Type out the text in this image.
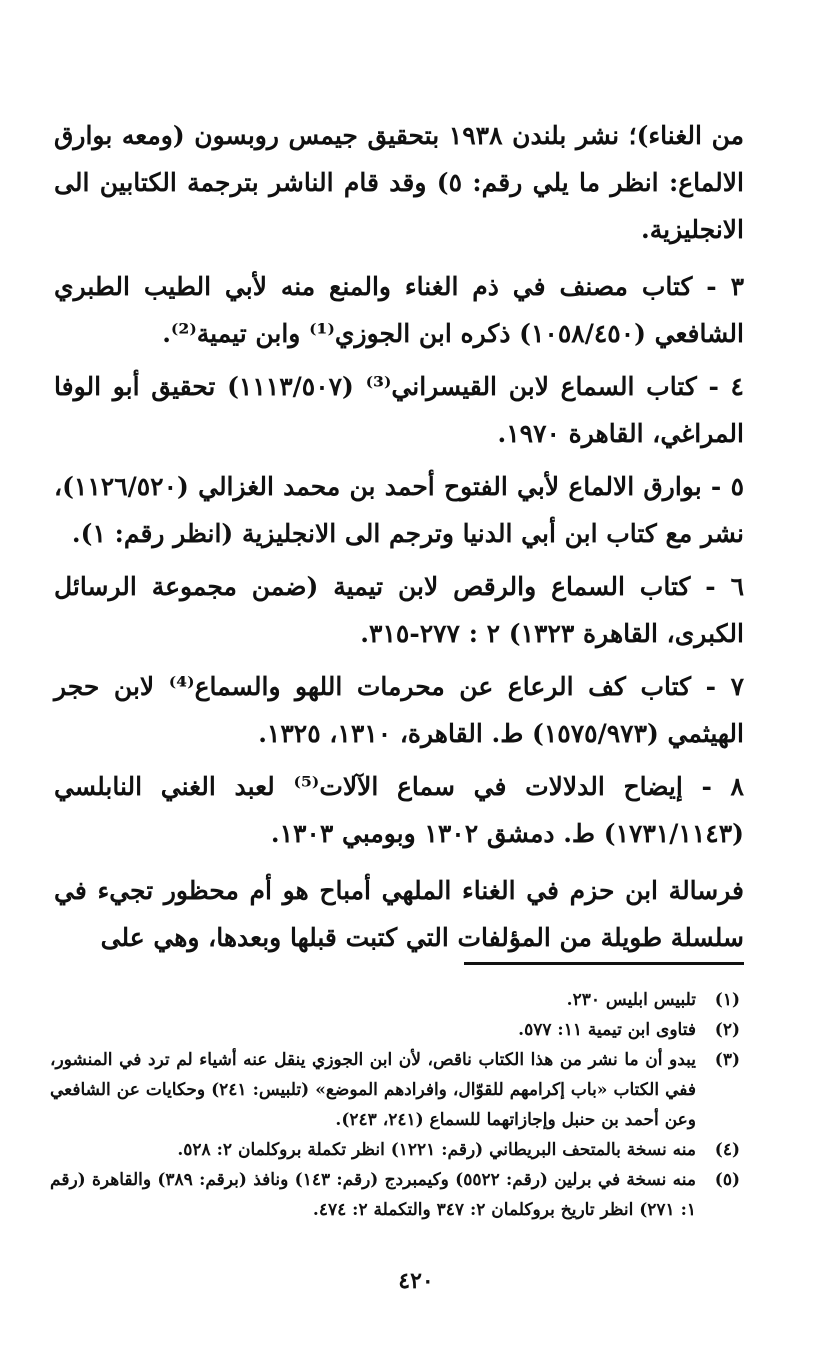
من الغناء)؛ نشر بلندن ١٩٣٨ بتحقيق جيمس روبسون (ومعه بوارق الالماع: انظر ما يلي رقم: ٥) وقد قام الناشر بترجمة الكتابين الى الانجليزية.

٣ - كتاب مصنف في ذم الغناء والمنع منه لأبي الطيب الطبري الشافعي (١٠٥٨/٤٥٠) ذكره ابن الجوزي⁽¹⁾ وابن تيمية⁽²⁾.

٤ - كتاب السماع لابن القيسراني⁽³⁾ (١١١٣/٥٠٧) تحقيق أبو الوفا المراغي، القاهرة ١٩٧٠.

٥ - بوارق الالماع لأبي الفتوح أحمد بن محمد الغزالي (١١٢٦/٥٢٠)، نشر مع كتاب ابن أبي الدنيا وترجم الى الانجليزية (انظر رقم: ١).

٦ - كتاب السماع والرقص لابن تيمية (ضمن مجموعة الرسائل الكبرى، القاهرة ١٣٢٣) ٢ : ٢٧٧-٣١٥.

٧ - كتاب كف الرعاع عن محرمات اللهو والسماع⁽⁴⁾ لابن حجر الهيثمي (١٥٧٥/٩٧٣) ط. القاهرة، ١٣١٠، ١٣٢٥.

٨ - إيضاح الدلالات في سماع الآلات⁽⁵⁾ لعبد الغني النابلسي (١٧٣١/١١٤٣) ط. دمشق ١٣٠٢ وبومبي ١٣٠٣.

فرسالة ابن حزم في الغناء الملهي أمباح هو أم محظور تجيء في سلسلة طويلة من المؤلفات التي كتبت قبلها وبعدها، وهي على

(١)
تلبيس ابليس ٢٣٠.
(٢)
فتاوى ابن تيمية ١١: ٥٧٧.
(٣)
يبدو أن ما نشر من هذا الكتاب ناقص، لأن ابن الجوزي ينقل عنه أشياء لم ترد في المنشور، ففي الكتاب «باب إكرامهم للقوّال، وافرادهم الموضع» (تلبيس: ٢٤١) وحكايات عن الشافعي وعن أحمد بن حنبل وإجازاتهما للسماع (٢٤١، ٢٤٣).
(٤)
منه نسخة بالمتحف البريطاني (رقم: ١٢٢١) انظر تكملة بروكلمان ٢: ٥٢٨.
(٥)
منه نسخة في برلين (رقم: ٥٥٢٢) وكيمبردج (رقم: ١٤٣) ونافذ (برقم: ٣٨٩) والقاهرة (رقم ١: ٢٧١) انظر تاريخ بروكلمان ٢: ٣٤٧ والتكملة ٢: ٤٧٤.
٤٢٠
